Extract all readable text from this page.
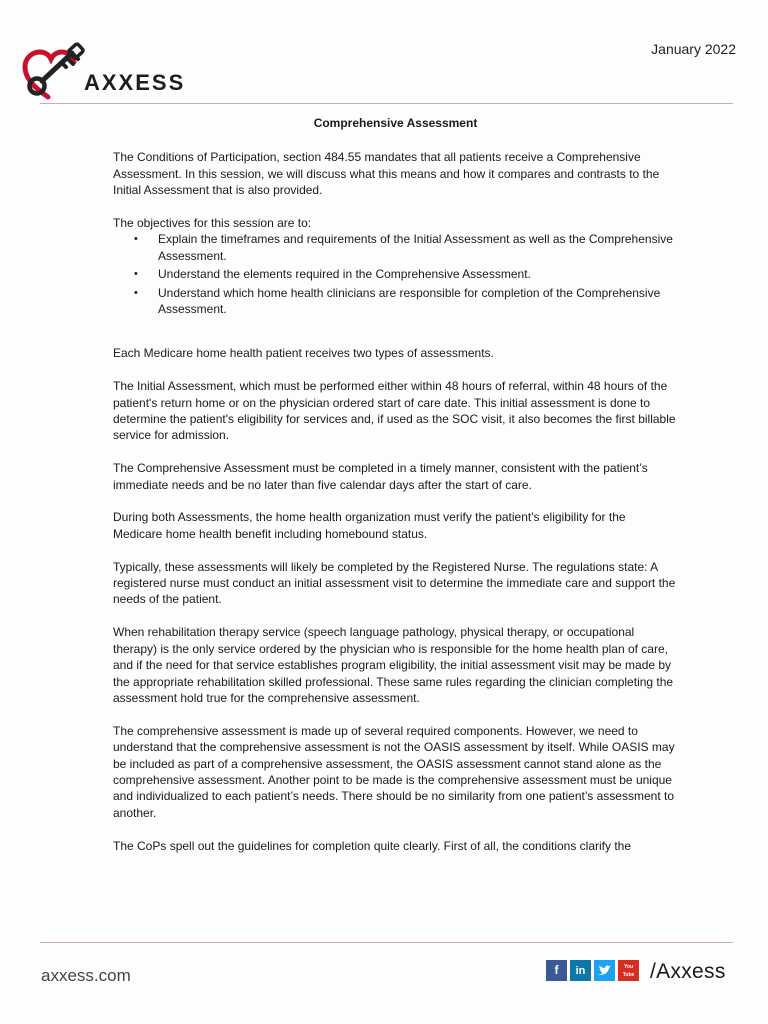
AXXESS
January 2022
Comprehensive Assessment

The Conditions of Participation, section 484.55 mandates that all patients receive a Comprehensive Assessment. In this session, we will discuss what this means and how it compares and contrasts to the Initial Assessment that is also provided.

The objectives for this session are to:

• Explain the timeframes and requirements of the Initial Assessment as well as the Comprehensive Assessment.
• Understand the elements required in the Comprehensive Assessment.
• Understand which home health clinicians are responsible for completion of the Comprehensive Assessment.

Each Medicare home health patient receives two types of assessments.

The Initial Assessment, which must be performed either within 48 hours of referral, within 48 hours of the patient's return home or on the physician ordered start of care date. This initial assessment is done to determine the patient's eligibility for services and, if used as the SOC visit, it also becomes the first billable service for admission.

The Comprehensive Assessment must be completed in a timely manner, consistent with the patient’s immediate needs and be no later than five calendar days after the start of care.

During both Assessments, the home health organization must verify the patient's eligibility for the Medicare home health benefit including homebound status.

Typically, these assessments will likely be completed by the Registered Nurse. The regulations state: A registered nurse must conduct an initial assessment visit to determine the immediate care and support the needs of the patient.

When rehabilitation therapy service (speech language pathology, physical therapy, or occupational therapy) is the only service ordered by the physician who is responsible for the home health plan of care, and if the need for that service establishes program eligibility, the initial assessment visit may be made by the appropriate rehabilitation skilled professional. These same rules regarding the clinician completing the assessment hold true for the comprehensive assessment.

The comprehensive assessment is made up of several required components. However, we need to understand that the comprehensive assessment is not the OASIS assessment by itself. While OASIS may be included as part of a comprehensive assessment, the OASIS assessment cannot stand alone as the comprehensive assessment. Another point to be made is the comprehensive assessment must be unique and individualized to each patient’s needs. There should be no similarity from one patient’s assessment to another.

The CoPs spell out the guidelines for completion quite clearly. First of all, the conditions clarify the

axxess.com	f	in	You Tube /Axxess
